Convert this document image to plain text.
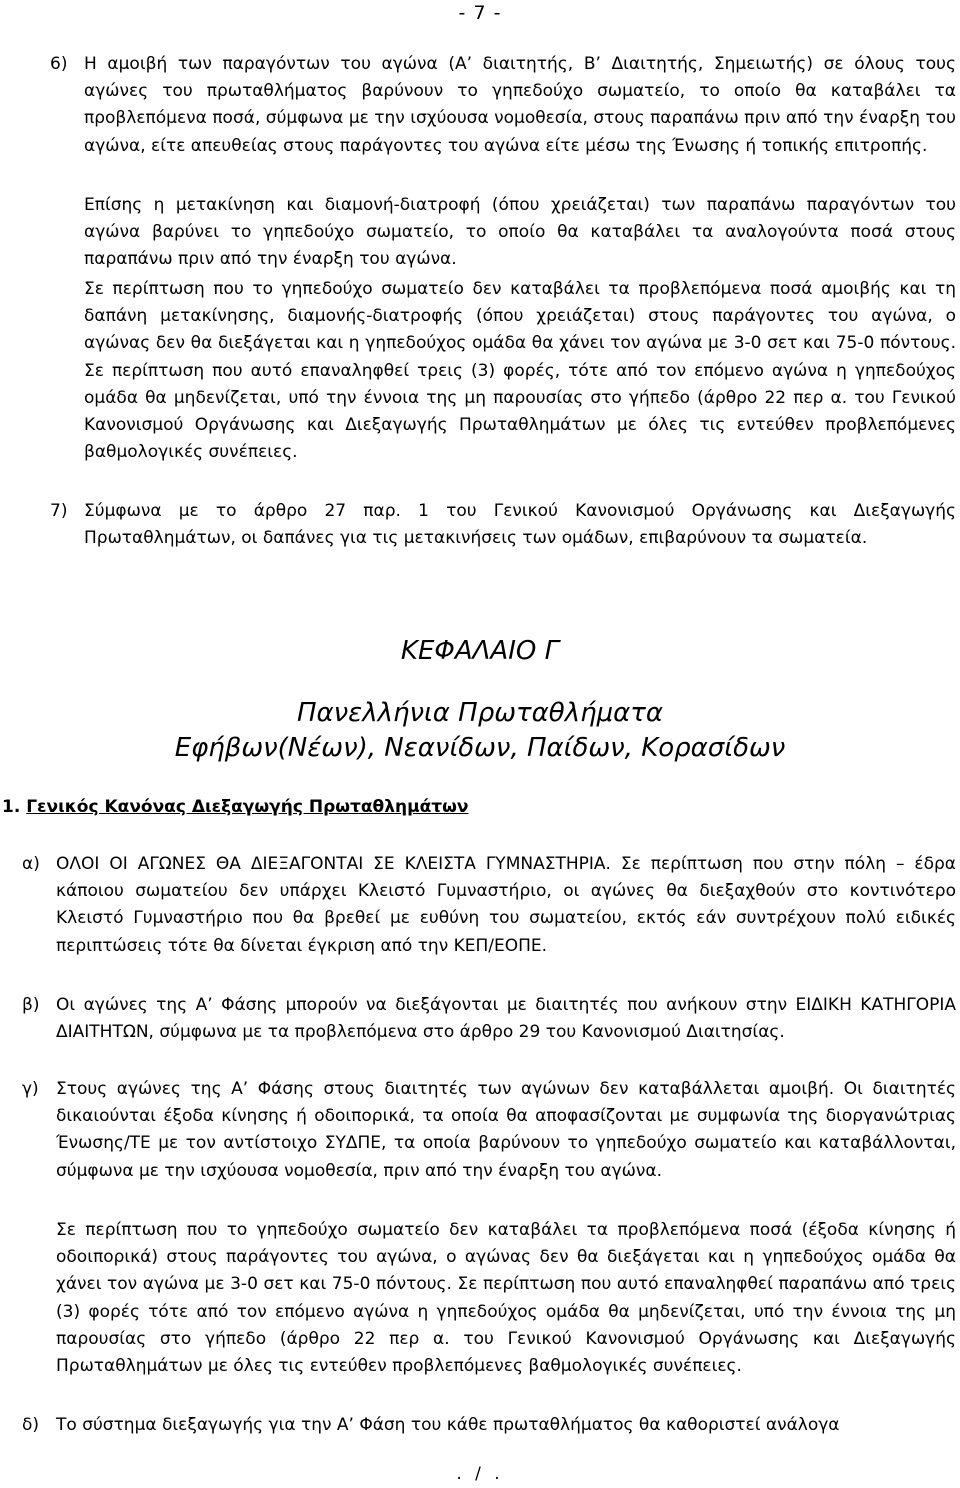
- 7 -
6) Η αμοιβή των παραγόντων του αγώνα (Α’ διαιτητής, Β’ Διαιτητής, Σημειωτής) σε όλους τους αγώνες του πρωταθλήματος βαρύνουν το γηπεδούχο σωματείο, το οποίο θα καταβάλει τα προβλεπόμενα ποσά, σύμφωνα με την ισχύουσα νομοθεσία, στους παραπάνω πριν από την έναρξη του αγώνα, είτε απευθείας στους παράγοντες του αγώνα είτε μέσω της Ένωσης ή τοπικής επιτροπής.
Επίσης η μετακίνηση και διαμονή-διατροφή (όπου χρειάζεται) των παραπάνω παραγόντων του αγώνα βαρύνει το γηπεδούχο σωματείο, το οποίο θα καταβάλει τα αναλογούντα ποσά στους παραπάνω πριν από την έναρξη του αγώνα.
Σε περίπτωση που το γηπεδούχο σωματείο δεν καταβάλει τα προβλεπόμενα ποσά αμοιβής και τη δαπάνη μετακίνησης, διαμονής-διατροφής (όπου χρειάζεται) στους παράγοντες του αγώνα, ο αγώνας δεν θα διεξάγεται και η γηπεδούχος ομάδα θα χάνει τον αγώνα με 3-0 σετ και 75-0 πόντους. Σε περίπτωση που αυτό επαναληφθεί τρεις (3) φορές, τότε από τον επόμενο αγώνα η γηπεδούχος ομάδα θα μηδενίζεται, υπό την έννοια της μη παρουσίας στο γήπεδο (άρθρο 22 περ α. του Γενικού Κανονισμού Οργάνωσης και Διεξαγωγής Πρωταθλημάτων με όλες τις εντεύθεν προβλεπόμενες βαθμολογικές συνέπειες.
7) Σύμφωνα με το άρθρο 27 παρ. 1 του Γενικού Κανονισμού Οργάνωσης και Διεξαγωγής Πρωταθλημάτων, οι δαπάνες για τις μετακινήσεις των ομάδων, επιβαρύνουν τα σωματεία.
ΚΕΦΑΛΑΙΟ Γ
Πανελλήνια Πρωταθλήματα
Εφήβων(Νέων), Νεανίδων, Παίδων, Κορασίδων
1. Γενικός Κανόνας Διεξαγωγής Πρωταθλημάτων
α) ΟΛΟΙ ΟΙ ΑΓΩΝΕΣ ΘΑ ΔΙΕΞΑΓΟΝΤΑΙ ΣΕ ΚΛΕΙΣΤΑ ΓΥΜΝΑΣΤΗΡΙΑ. Σε περίπτωση που στην πόλη – έδρα κάποιου σωματείου δεν υπάρχει Κλειστό Γυμναστήριο, οι αγώνες θα διεξαχθούν στο κοντινότερο Κλειστό Γυμναστήριο που θα βρεθεί με ευθύνη του σωματείου, εκτός εάν συντρέχουν πολύ ειδικές περιπτώσεις τότε θα δίνεται έγκριση από την ΚΕΠ/ΕΟΠΕ.
β) Οι αγώνες της Α’ Φάσης μπορούν να διεξάγονται με διαιτητές που ανήκουν στην ΕΙΔΙΚΗ ΚΑΤΗΓΟΡΙΑ ΔΙΑΙΤΗΤΩΝ, σύμφωνα με τα προβλεπόμενα στο άρθρο 29 του Κανονισμού Διαιτησίας.
γ) Στους αγώνες της Α’ Φάσης στους διαιτητές των αγώνων δεν καταβάλλεται αμοιβή. Οι διαιτητές δικαιούνται έξοδα κίνησης ή οδοιπορικά, τα οποία θα αποφασίζονται με συμφωνία της διοργανώτριας Ένωσης/ΤΕ με τον αντίστοιχο ΣΥΔΠΕ, τα οποία βαρύνουν το γηπεδούχο σωματείο και καταβάλλονται, σύμφωνα με την ισχύουσα νομοθεσία, πριν από την έναρξη του αγώνα.
Σε περίπτωση που το γηπεδούχο σωματείο δεν καταβάλει τα προβλεπόμενα ποσά (έξοδα κίνησης ή οδοιπορικά) στους παράγοντες του αγώνα, ο αγώνας δεν θα διεξάγεται και η γηπεδούχος ομάδα θα χάνει τον αγώνα με 3-0 σετ και 75-0 πόντους. Σε περίπτωση που αυτό επαναληφθεί παραπάνω από τρεις (3) φορές τότε από τον επόμενο αγώνα η γηπεδούχος ομάδα θα μηδενίζεται, υπό την έννοια της μη παρουσίας στο γήπεδο (άρθρο 22 περ α. του Γενικού Κανονισμού Οργάνωσης και Διεξαγωγής Πρωταθλημάτων με όλες τις εντεύθεν προβλεπόμενες βαθμολογικές συνέπειες.
δ) Το σύστημα διεξαγωγής για την Α’ Φάση του κάθε πρωταθλήματος θα καθοριστεί ανάλογα
. / .
